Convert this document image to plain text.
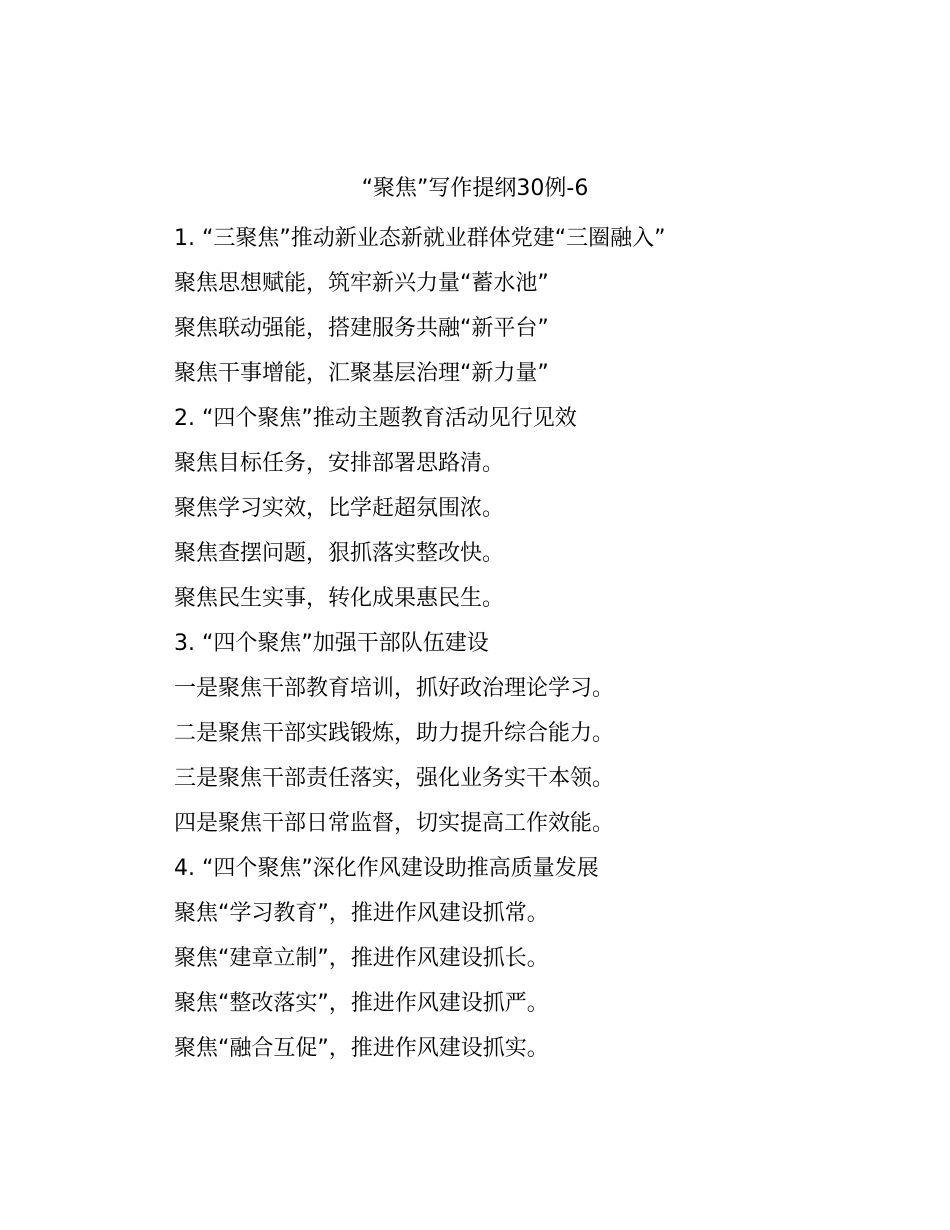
“聚焦”写作提纲30例-6
1. “三聚焦”推动新业态新就业群体党建“三圈融入”
聚焦思想赋能，筑牢新兴力量“蓄水池”
聚焦联动强能，搭建服务共融“新平台”
聚焦干事增能，汇聚基层治理“新力量”
2. “四个聚焦”推动主题教育活动见行见效
聚焦目标任务，安排部署思路清。
聚焦学习实效，比学赶超氛围浓。
聚焦查摆问题，狠抓落实整改快。
聚焦民生实事，转化成果惠民生。
3. “四个聚焦”加强干部队伍建设
一是聚焦干部教育培训，抓好政治理论学习。
二是聚焦干部实践锻炼，助力提升综合能力。
三是聚焦干部责任落实，强化业务实干本领。
四是聚焦干部日常监督，切实提高工作效能。
4. “四个聚焦”深化作风建设助推高质量发展
聚焦“学习教育”，推进作风建设抓常。
聚焦“建章立制”，推进作风建设抓长。
聚焦“整改落实”，推进作风建设抓严。
聚焦“融合互促”，推进作风建设抓实。
